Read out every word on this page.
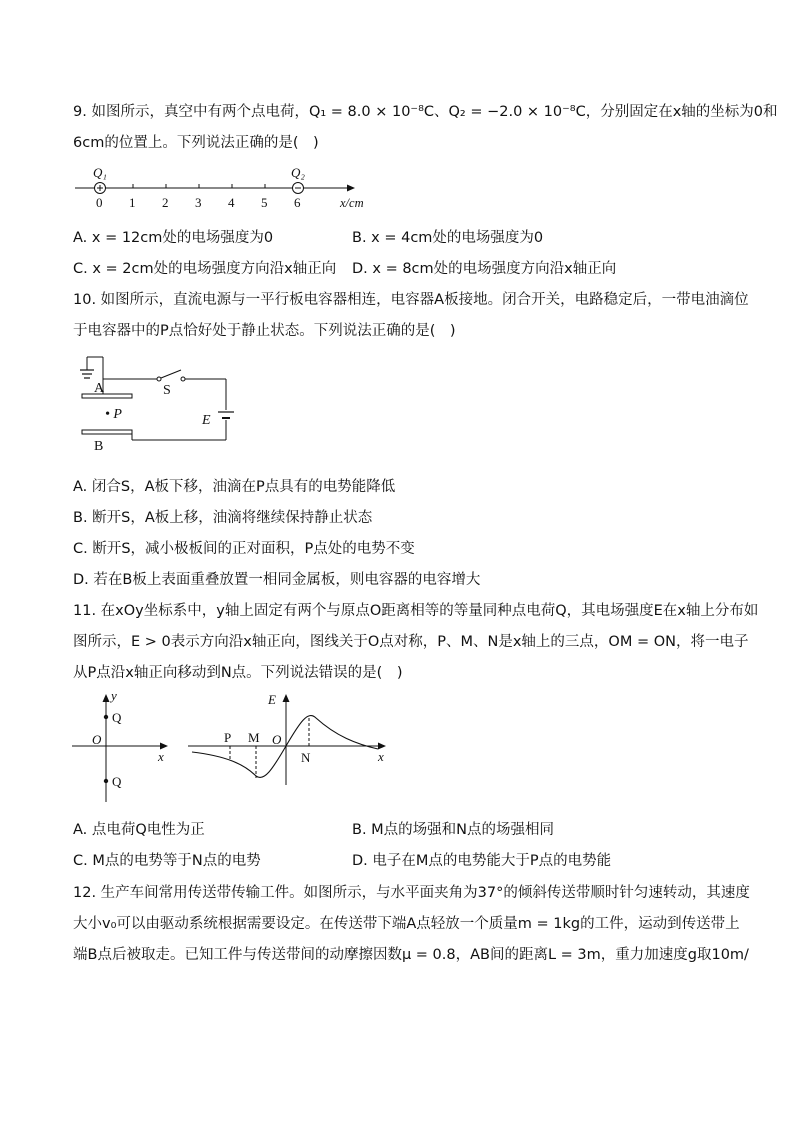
9. 如图所示，真空中有两个点电荷，Q₁ = 8.0 × 10⁻⁸C、Q₂ = −2.0 × 10⁻⁸C，分别固定在x轴的坐标为0和
6cm的位置上。下列说法正确的是(　)
Q₁	Q₂
0 1 2 3 4 5 6	x/cm
A. x = 12cm处的电场强度为0	B. x = 4cm处的电场强度为0
C. x = 2cm处的电场强度方向沿x轴正向 D. x = 8cm处的电场强度方向沿x轴正向
10. 如图所示，直流电源与一平行板电容器相连，电容器A板接地。闭合开关，电路稳定后，一带电油滴位
于电容器中的P点恰好处于静止状态。下列说法正确的是(　)
A	S
• P
B
E
A. 闭合S，A板下移，油滴在P点具有的电势能降低
B. 断开S，A板上移，油滴将继续保持静止状态
C. 断开S，减小极板间的正对面积，P点处的电势不变
D. 若在B板上表面重叠放置一相同金属板，则电容器的电容增大
11. 在xOy坐标系中，y轴上固定有两个与原点O距离相等的等量同种点电荷Q，其电场强度E在x轴上分布如
图所示，E > 0表示方向沿x轴正向，图线关于O点对称，P、M、N是x轴上的三点，OM = ON，将一电子
从P点沿x轴正向移动到N点。下列说法错误的是(　)
y
x
O
Q
Q
E
x
O
P M
N
A. 点电荷Q电性为正	B. M点的场强和N点的场强相同
C. M点的电势等于N点的电势	D. 电子在M点的电势能大于P点的电势能
12. 生产车间常用传送带传输工件。如图所示，与水平面夹角为37°的倾斜传送带顺时针匀速转动，其速度
大小v₀可以由驱动系统根据需要设定。在传送带下端A点轻放一个质量m = 1kg的工件，运动到传送带上
端B点后被取走。已知工件与传送带间的动摩擦因数μ = 0.8，AB间的距离L = 3m，重力加速度g取10m/
